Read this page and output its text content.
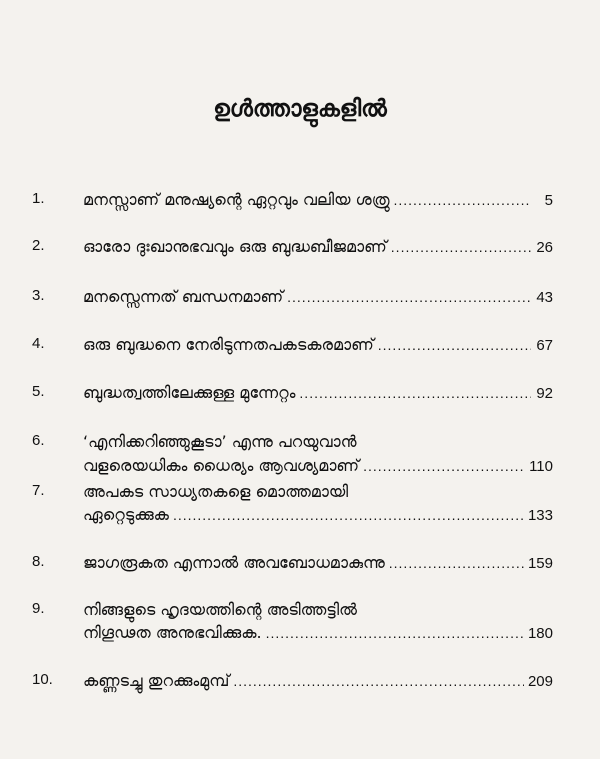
ഉൾത്താളുകളിൽ
1.	മനസ്സാണ് മനുഷ്യന്റെ ഏറ്റവും വലിയ ശത്രു .....	5
2.	ഓരോ ദുഃഖാനുഭവവും ഒരു ബുദ്ധബീജമാണ് .....	26
3.	മനസ്സെന്നത് ബന്ധനമാണ് .....	43
4.	ഒരു ബുദ്ധനെ നേരിടുന്നതപകടകരമാണ് .....	67
5.	ബുദ്ധത്വത്തിലേക്കുള്ള മുന്നേറ്റം .....	92
6.	‘എനിക്കറിഞ്ഞുകൂടാ’ എന്നു പറയുവാൻ
വളരെയധികം ധൈര്യം ആവശ്യമാണ് .....	110
7.	അപകട സാധ്യതകളെ മൊത്തമായി
ഏറ്റെടുക്കുക .....	133
8.	ജാഗരൂകത എന്നാൽ അവബോധമാകുന്നു .....	159
9.	നിങ്ങളുടെ ഹൃദയത്തിന്റെ അടിത്തട്ടിൽ
നിഗൂഢത അനുഭവിക്കുക. .....	180
10.	കണ്ണടച്ചു തുറക്കുംമുമ്പ് .....	209
